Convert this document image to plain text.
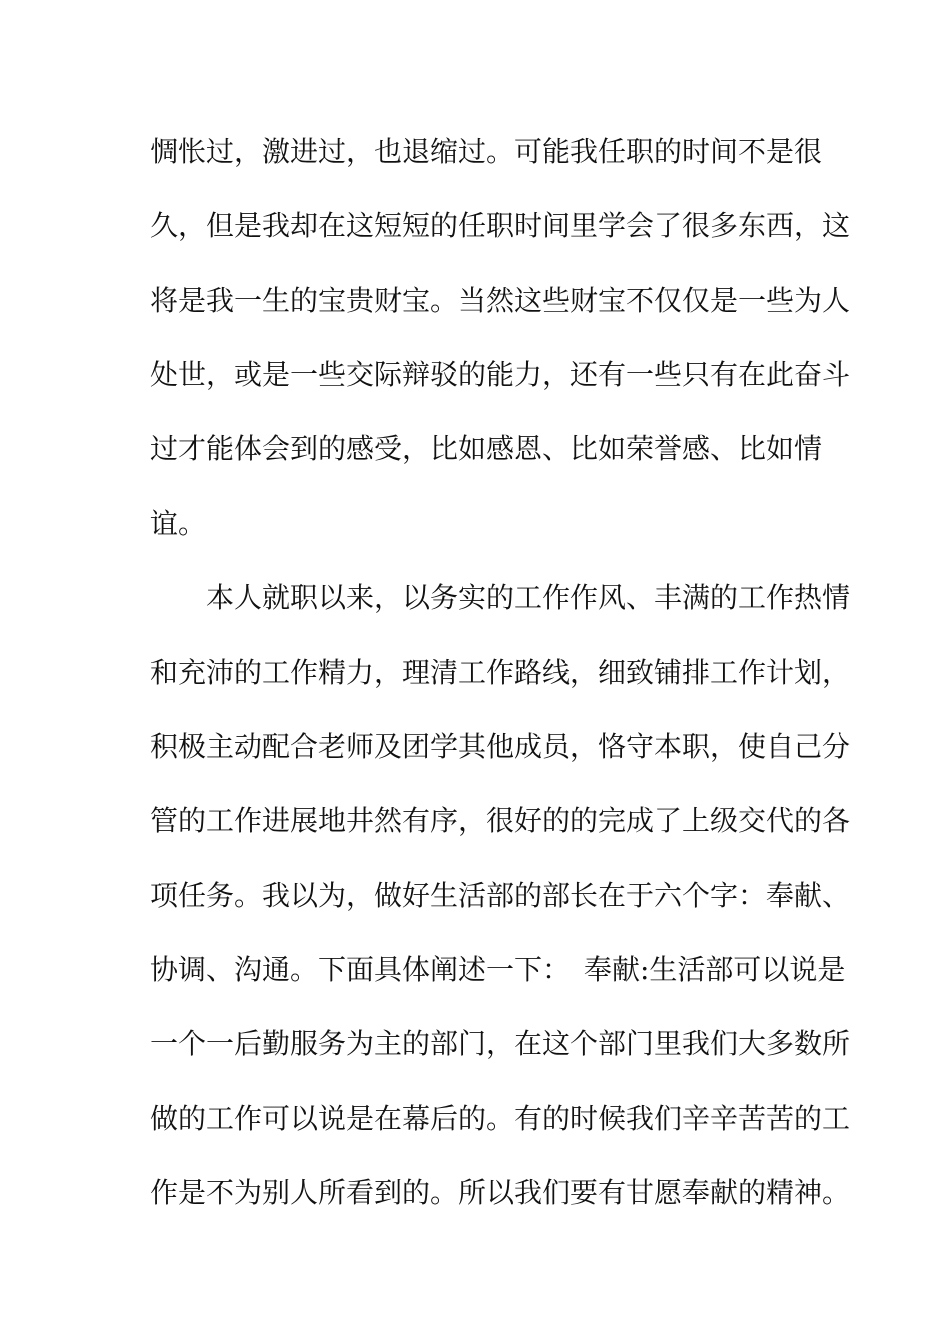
惆怅过，激进过，也退缩过。可能我任职的时间不是很
久，但是我却在这短短的任职时间里学会了很多东西，这
将是我一生的宝贵财宝。当然这些财宝不仅仅是一些为人
处世，或是一些交际辩驳的能力，还有一些只有在此奋斗
过才能体会到的感受，比如感恩、比如荣誉感、比如情
谊。
本人就职以来，以务实的工作作风、丰满的工作热情
和充沛的工作精力，理清工作路线，细致铺排工作计划，
积极主动配合老师及团学其他成员，恪守本职，使自己分
管的工作进展地井然有序，很好的的完成了上级交代的各
项任务。我以为，做好生活部的部长在于六个字：奉献、
协调、沟通。下面具体阐述一下：　奉献:生活部可以说是
一个一后勤服务为主的部门，在这个部门里我们大多数所
做的工作可以说是在幕后的。有的时候我们辛辛苦苦的工
作是不为别人所看到的。所以我们要有甘愿奉献的精神。
